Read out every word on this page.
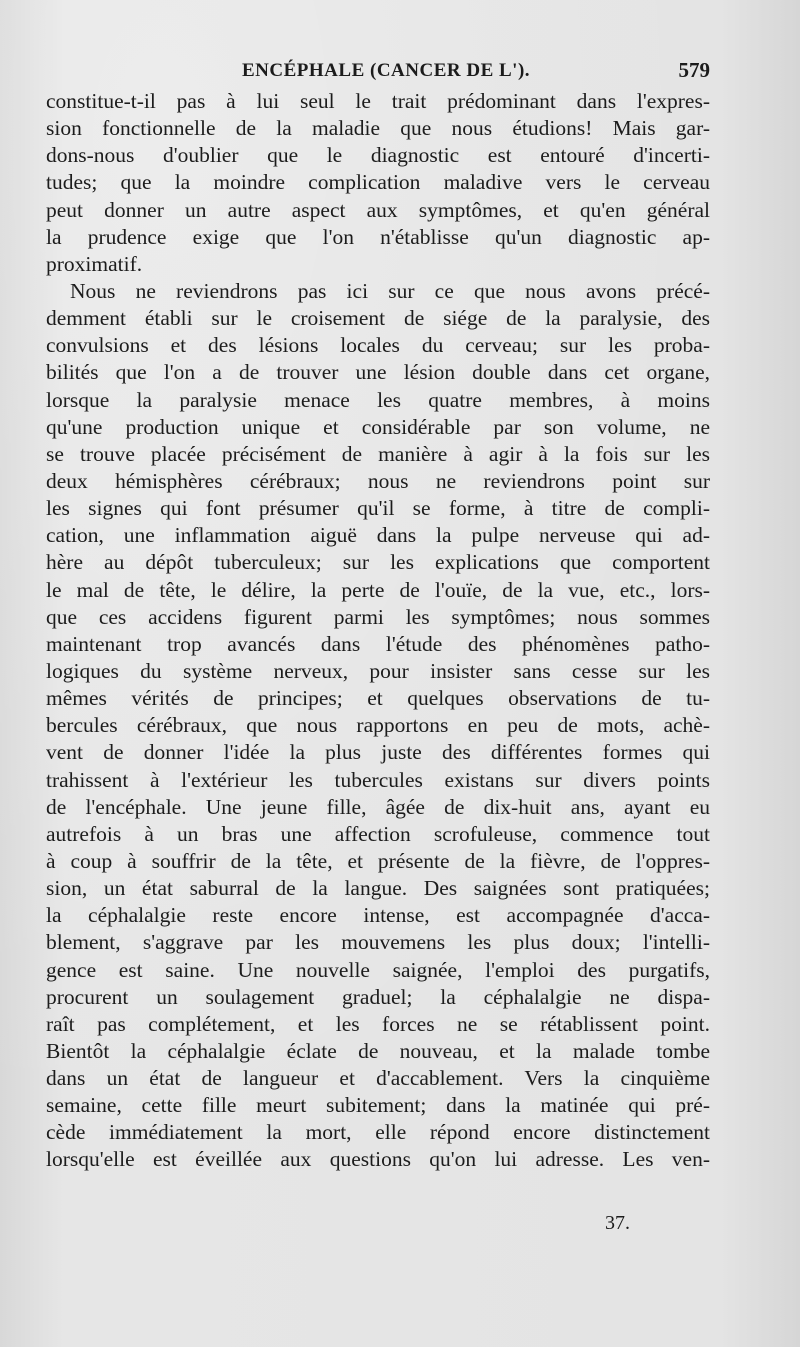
ENCÉPHALE (CANCER DE L').	579
constitue-t-il pas à lui seul le trait prédominant dans l'expres-
sion fonctionnelle de la maladie que nous étudions! Mais gar-
dons-nous d'oublier que le diagnostic est entouré d'incerti-
tudes; que la moindre complication maladive vers le cerveau
peut donner un autre aspect aux symptômes, et qu'en général
la prudence exige que l'on n'établisse qu'un diagnostic ap-
proximatif.
Nous ne reviendrons pas ici sur ce que nous avons précé-
demment établi sur le croisement de siége de la paralysie, des
convulsions et des lésions locales du cerveau; sur les proba-
bilités que l'on a de trouver une lésion double dans cet organe,
lorsque la paralysie menace les quatre membres, à moins
qu'une production unique et considérable par son volume, ne
se trouve placée précisément de manière à agir à la fois sur les
deux hémisphères cérébraux; nous ne reviendrons point sur
les signes qui font présumer qu'il se forme, à titre de compli-
cation, une inflammation aiguë dans la pulpe nerveuse qui ad-
hère au dépôt tuberculeux; sur les explications que comportent
le mal de tête, le délire, la perte de l'ouïe, de la vue, etc., lors-
que ces accidens figurent parmi les symptômes; nous sommes
maintenant trop avancés dans l'étude des phénomènes patho-
logiques du système nerveux, pour insister sans cesse sur les
mêmes vérités de principes; et quelques observations de tu-
bercules cérébraux, que nous rapportons en peu de mots, achè-
vent de donner l'idée la plus juste des différentes formes qui
trahissent à l'extérieur les tubercules existans sur divers points
de l'encéphale. Une jeune fille, âgée de dix-huit ans, ayant eu
autrefois à un bras une affection scrofuleuse, commence tout
à coup à souffrir de la tête, et présente de la fièvre, de l'oppres-
sion, un état saburral de la langue. Des saignées sont pratiquées;
la céphalalgie reste encore intense, est accompagnée d'acca-
blement, s'aggrave par les mouvemens les plus doux; l'intelli-
gence est saine. Une nouvelle saignée, l'emploi des purgatifs,
procurent un soulagement graduel; la céphalalgie ne dispa-
raît pas complétement, et les forces ne se rétablissent point.
Bientôt la céphalalgie éclate de nouveau, et la malade tombe
dans un état de langueur et d'accablement. Vers la cinquième
semaine, cette fille meurt subitement; dans la matinée qui pré-
cède immédiatement la mort, elle répond encore distinctement
lorsqu'elle est éveillée aux questions qu'on lui adresse. Les ven-
37.
